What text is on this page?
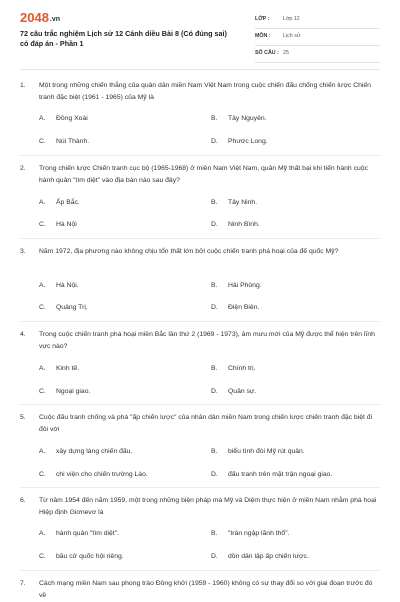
2048.vn
72 câu trắc nghiệm Lịch sử 12 Cánh diều Bài 8 (Có đúng sai) có đáp án - Phần 1
LỚP :	Lớp 12
MÔN : Lịch sử
SỐ CÂU : 25
1. Một trong những chiến thắng của quân dân miền Nam Việt Nam trong cuộc chiến đấu chống chiến lược Chiến tranh đặc biệt (1961 - 1965) của Mỹ là
A. Đồng Xoài	B. Tây Nguyên.
C. Núi Thành.	D. Phước Long.
2. Trong chiến lược Chiến tranh cục bộ (1965-1968) ở miền Nam Việt Nam, quân Mỹ thất bại khi tiến hành cuộc hành quân "tìm diệt" vào địa bàn nào sau đây?
A. Ấp Bắc.	B. Tây Ninh.
C. Hà Nội	D. Ninh Bình.
3. Năm 1972, địa phương nào không chịu tổn thất lớn bởi cuộc chiến tranh phá hoại của đế quốc Mỹ?
A. Hà Nội.	B. Hải Phòng.
C. Quảng Trị.	D. Điện Biên.
4. Trong cuộc chiến tranh phá hoại miền Bắc lần thứ 2 (1969 - 1973), âm mưu mới của Mỹ được thể hiện trên lĩnh vực nào?
A. Kinh tế.	B. Chính trị.
C. Ngoại giao.	D. Quân sự.
5. Cuộc đấu tranh chống và phá "ấp chiến lược" của nhân dân miền Nam trong chiến lược chiến tranh đặc biệt đi đôi với
A. xây dựng làng chiến đấu.	B. biểu tình đòi Mỹ rút quân.
C. chi viện cho chiến trường Lào.	D. đấu tranh trên mặt trận ngoại giao.
6. Từ năm 1954 đến năm 1959, một trong những biện pháp mà Mỹ và Diệm thực hiện ở miền Nam nhằm phá hoại Hiệp định Giơnevơ là
A. hành quân "tìm diệt".	B. "tràn ngập lãnh thổ".
C. bầu cử quốc hội riêng.	D. dồn dân lập ấp chiến lược.
7. Cách mạng miền Nam sau phong trào Đồng khởi (1959 - 1960) không có sự thay đổi so với giai đoạn trước đó về
